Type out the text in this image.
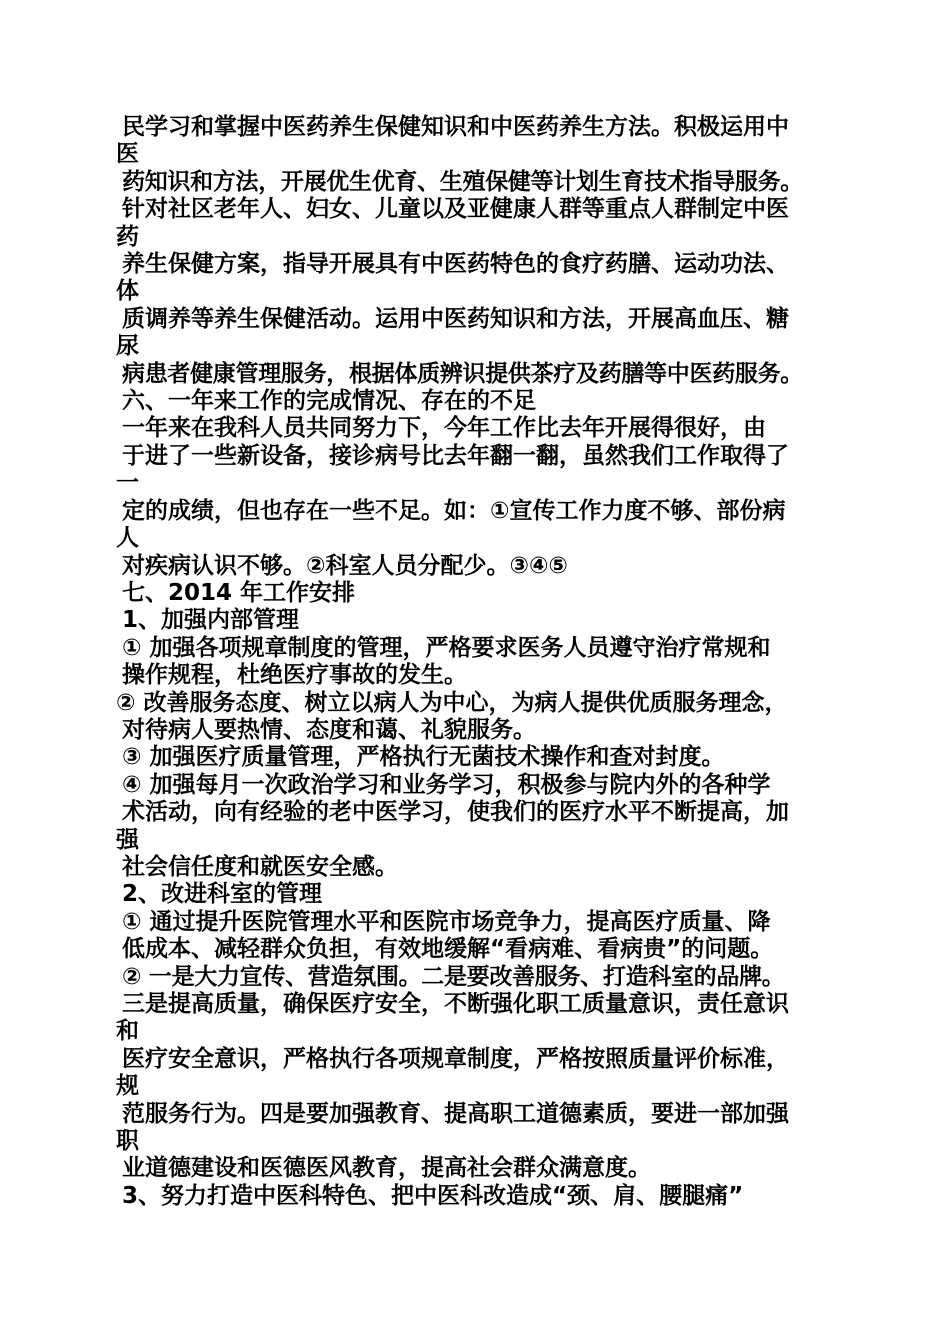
民学习和掌握中医药养生保健知识和中医药养生方法。积极运用中
医
药知识和方法，开展优生优育、生殖保健等计划生育技术指导服务。
针对社区老年人、妇女、儿童以及亚健康人群等重点人群制定中医
药
养生保健方案，指导开展具有中医药特色的食疗药膳、运动功法、
体
质调养等养生保健活动。运用中医药知识和方法，开展高血压、糖
尿
病患者健康管理服务，根据体质辨识提供茶疗及药膳等中医药服务。
六、一年来工作的完成情况、存在的不足
一年来在我科人员共同努力下，今年工作比去年开展得很好，由
于进了一些新设备，接诊病号比去年翻一翻，虽然我们工作取得了
一
定的成绩，但也存在一些不足。如：①宣传工作力度不够、部份病
人
对疾病认识不够。②科室人员分配少。③④⑤
七、2014 年工作安排
1、加强内部管理
① 加强各项规章制度的管理，严格要求医务人员遵守治疗常规和
操作规程，杜绝医疗事故的发生。
② 改善服务态度、树立以病人为中心，为病人提供优质服务理念，
对待病人要热情、态度和蔼、礼貌服务。
③ 加强医疗质量管理，严格执行无菌技术操作和查对封度。
④ 加强每月一次政治学习和业务学习，积极参与院内外的各种学
术活动，向有经验的老中医学习，使我们的医疗水平不断提高，加
强
社会信任度和就医安全感。
2、改进科室的管理
① 通过提升医院管理水平和医院市场竞争力，提高医疗质量、降
低成本、减轻群众负担，有效地缓解“看病难、看病贵”的问题。
② 一是大力宣传、营造氛围。二是要改善服务、打造科室的品牌。
三是提高质量，确保医疗安全，不断强化职工质量意识，责任意识
和
医疗安全意识，严格执行各项规章制度，严格按照质量评价标准，
规
范服务行为。四是要加强教育、提高职工道德素质，要进一部加强
职
业道德建设和医德医风教育，提高社会群众满意度。
3、努力打造中医科特色、把中医科改造成“颈、肩、腰腿痛”
